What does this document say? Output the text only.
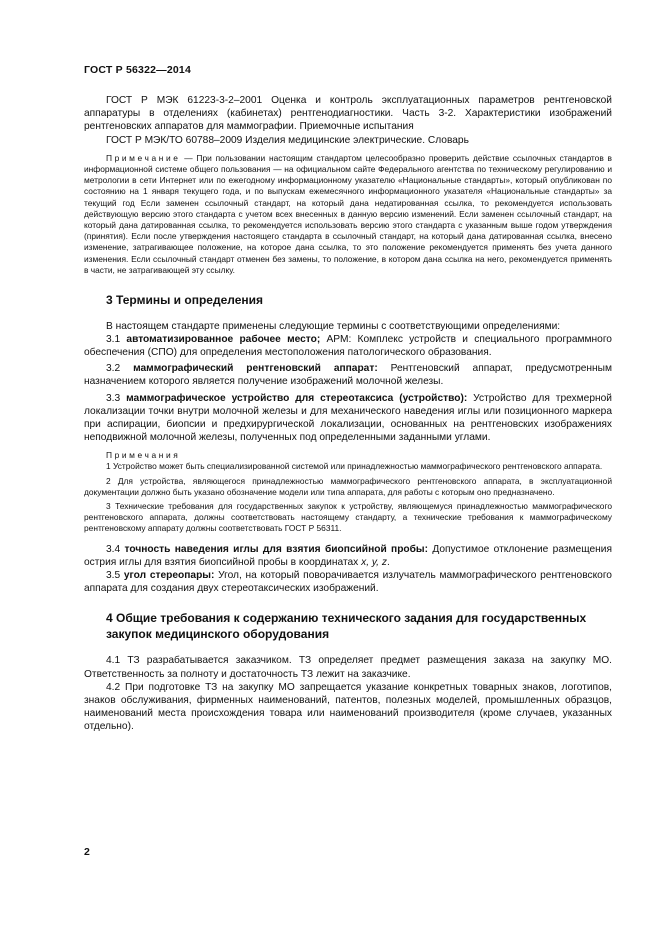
ГОСТ Р 56322—2014

ГОСТ Р МЭК 61223-3-2–2001 Оценка и контроль эксплуатационных параметров рентгеновской аппаратуры в отделениях (кабинетах) рентгенодиагностики. Часть 3-2. Характеристики изображений рентгеновских аппаратов для маммографии. Приемочные испытания

ГОСТ Р МЭК/ТО 60788–2009 Изделия медицинские электрические. Словарь

Примечание — При пользовании настоящим стандартом целесообразно проверить действие ссылочных стандартов в информационной системе общего пользования — на официальном сайте Федерального агентства по техническому регулированию и метрологии в сети Интернет или по ежегодному информационному указателю «Национальные стандарты», который опубликован по состоянию на 1 января текущего года, и по выпускам ежемесячного информационного указателя «Национальные стандарты» за текущий год Если заменен ссылочный стандарт, на который дана недатированная ссылка, то рекомендуется использовать действующую версию этого стандарта с учетом всех внесенных в данную версию изменений. Если заменен ссылочный стандарт, на который дана датированная ссылка, то рекомендуется использовать версию этого стандарта с указанным выше годом утверждения (принятия). Если после утверждения настоящего стандарта в ссылочный стандарт, на который дана датированная ссылка, внесено изменение, затрагивающее положение, на которое дана ссылка, то это положение рекомендуется применять без учета данного изменения. Если ссылочный стандарт отменен без замены, то положение, в котором дана ссылка на него, рекомендуется применять в части, не затрагивающей эту ссылку.

3 Термины и определения

В настоящем стандарте применены следующие термины с соответствующими определениями:

3.1 автоматизированное рабочее место; АРМ: Комплекс устройств и специального программного обеспечения (СПО) для определения местоположения патологического образования.

3.2 маммографический рентгеновский аппарат: Рентгеновский аппарат, предусмотренным назначением которого является получение изображений молочной железы.

3.3 маммографическое устройство для стереотаксиса (устройство): Устройство для трехмерной локализации точки внутри молочной железы и для механического наведения иглы или позиционного маркера при аспирации, биопсии и предхирургической локализации, основанных на рентгеновских изображениях неподвижной молочной железы, полученных под определенными заданными углами.

Примечания

1 Устройство может быть специализированной системой или принадлежностью маммографического рентгеновского аппарата.

2 Для устройства, являющегося принадлежностью маммографического рентгеновского аппарата, в эксплуатационной документации должно быть указано обозначение модели или типа аппарата, для работы с которым оно предназначено.

3 Технические требования для государственных закупок к устройству, являющемуся принадлежностью маммографического рентгеновского аппарата, должны соответствовать настоящему стандарту, а технические требования к маммографическому рентгеновскому аппарату должны соответствовать ГОСТ Р 56311.

3.4 точность наведения иглы для взятия биопсийной пробы: Допустимое отклонение размещения острия иглы для взятия биопсийной пробы в координатах x, y, z.

3.5 угол стереопары: Угол, на который поворачивается излучатель маммографического рентгеновского аппарата для создания двух стереотаксических изображений.

4 Общие требования к содержанию технического задания для государственных закупок медицинского оборудования

4.1 ТЗ разрабатывается заказчиком. ТЗ определяет предмет размещения заказа на закупку МО. Ответственность за полноту и достаточность ТЗ лежит на заказчике.

4.2 При подготовке ТЗ на закупку МО запрещается указание конкретных товарных знаков, логотипов, знаков обслуживания, фирменных наименований, патентов, полезных моделей, промышленных образцов, наименований места происхождения товара или наименований производителя (кроме случаев, указанных отдельно).

2
